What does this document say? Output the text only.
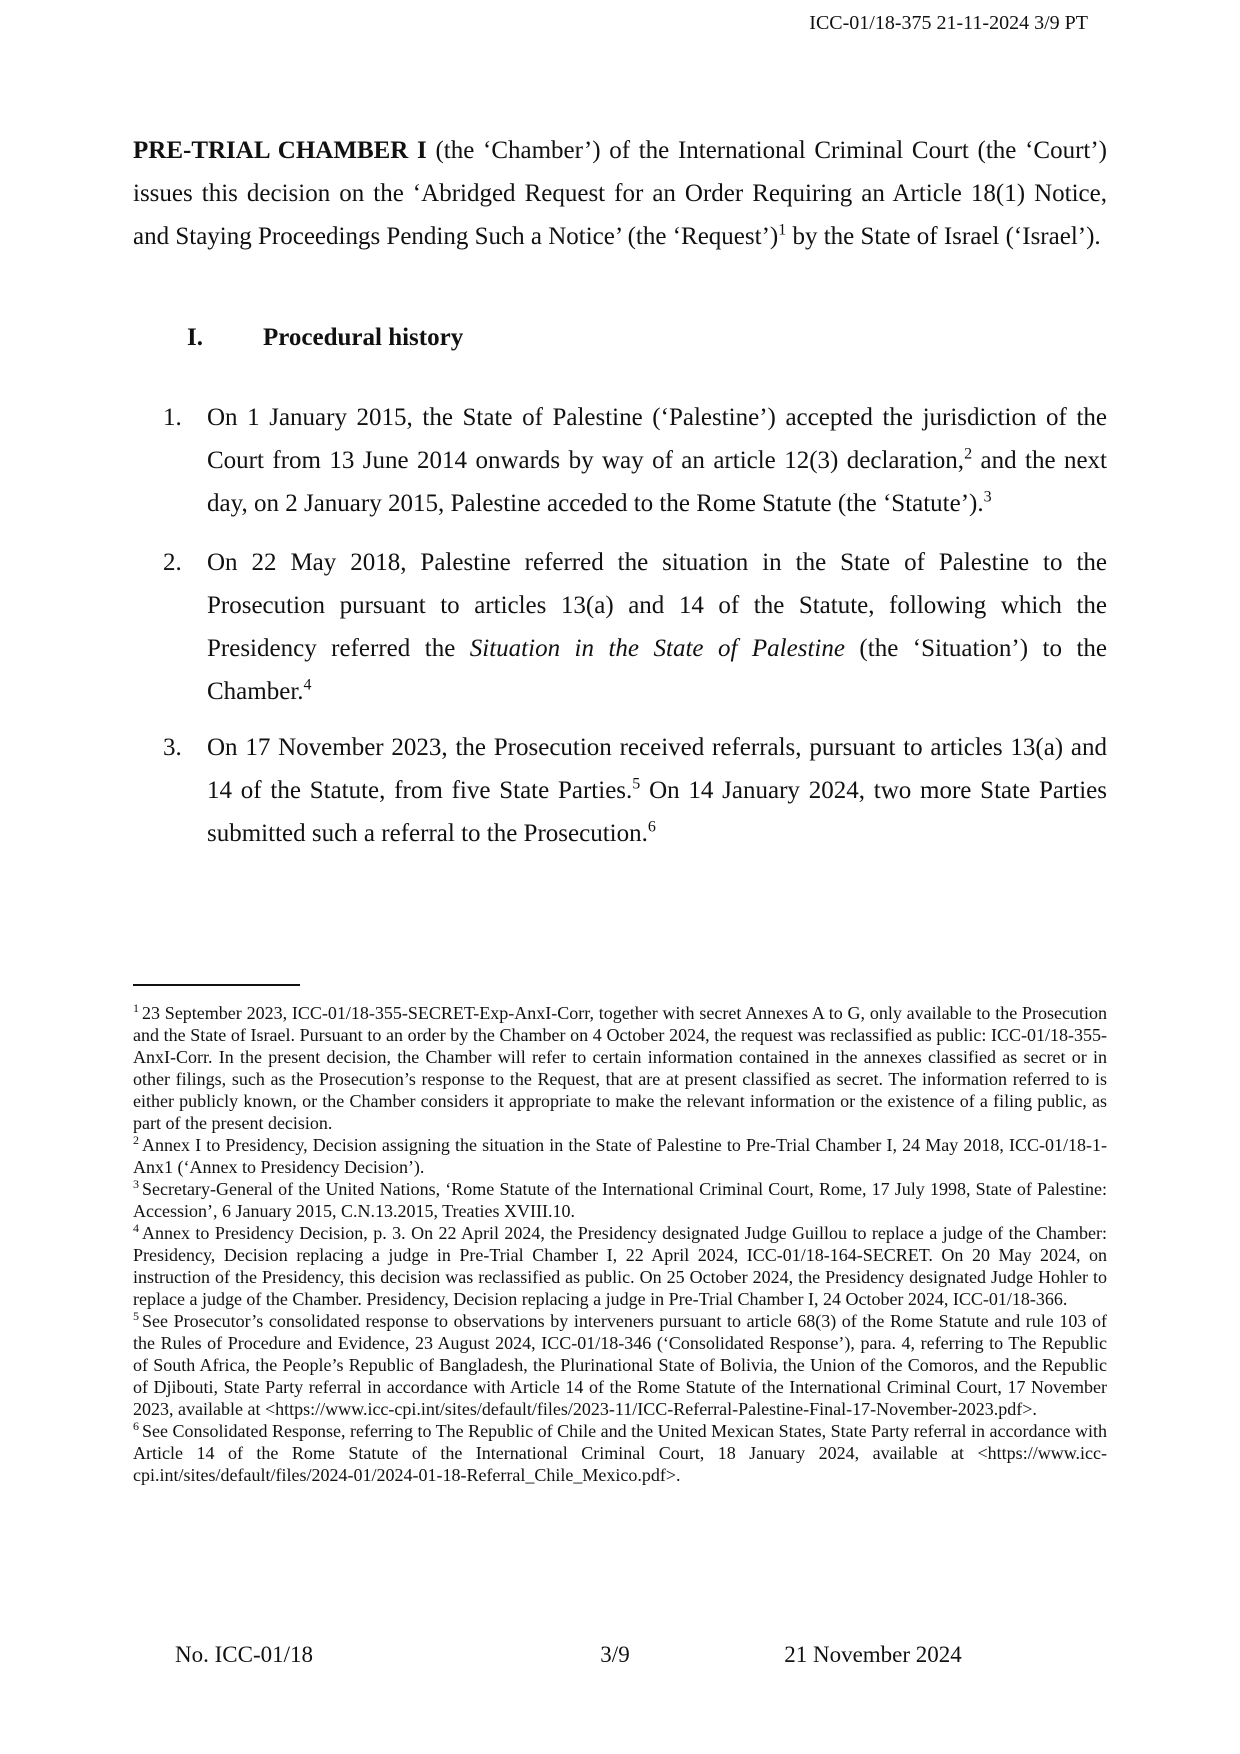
ICC-01/18-375 21-11-2024 3/9 PT

PRE-TRIAL CHAMBER I (the ‘Chamber’) of the International Criminal Court (the ‘Court’) issues this decision on the ‘Abridged Request for an Order Requiring an Article 18(1) Notice, and Staying Proceedings Pending Such a Notice’ (the ‘Request’)$^1$ by the State of Israel (‘Israel’).

I. Procedural history

1. On 1 January 2015, the State of Palestine (‘Palestine’) accepted the jurisdiction of the Court from 13 June 2014 onwards by way of an article 12(3) declaration,$^2$ and the next day, on 2 January 2015, Palestine acceded to the Rome Statute (the ‘Statute’).$^3$

2. On 22 May 2018, Palestine referred the situation in the State of Palestine to the Prosecution pursuant to articles 13(a) and 14 of the Statute, following which the Presidency referred the Situation in the State of Palestine (the ‘Situation’) to the Chamber.$^4$

3. On 17 November 2023, the Prosecution received referrals, pursuant to articles 13(a) and 14 of the Statute, from five State Parties.$^5$ On 14 January 2024, two more State Parties submitted such a referral to the Prosecution.$^6$

$^1$ 23 September 2023, ICC-01/18-355-SECRET-Exp-AnxI-Corr, together with secret Annexes A to G, only available to the Prosecution and the State of Israel. Pursuant to an order by the Chamber on 4 October 2024, the request was reclassified as public: ICC-01/18-355-AnxI-Corr. In the present decision, the Chamber will refer to certain information contained in the annexes classified as secret or in other filings, such as the Prosecution’s response to the Request, that are at present classified as secret. The information referred to is either publicly known, or the Chamber considers it appropriate to make the relevant information or the existence of a filing public, as part of the present decision.

$^2$ Annex I to Presidency, Decision assigning the situation in the State of Palestine to Pre-Trial Chamber I, 24 May 2018, ICC-01/18-1-Anx1 (‘Annex to Presidency Decision’).

$^3$ Secretary-General of the United Nations, ‘Rome Statute of the International Criminal Court, Rome, 17 July 1998, State of Palestine: Accession’, 6 January 2015, C.N.13.2015, Treaties XVIII.10.

$^4$ Annex to Presidency Decision, p. 3. On 22 April 2024, the Presidency designated Judge Guillou to replace a judge of the Chamber: Presidency, Decision replacing a judge in Pre-Trial Chamber I, 22 April 2024, ICC-01/18-164-SECRET. On 20 May 2024, on instruction of the Presidency, this decision was reclassified as public. On 25 October 2024, the Presidency designated Judge Hohler to replace a judge of the Chamber. Presidency, Decision replacing a judge in Pre-Trial Chamber I, 24 October 2024, ICC-01/18-366.

$^5$ See Prosecutor’s consolidated response to observations by interveners pursuant to article 68(3) of the Rome Statute and rule 103 of the Rules of Procedure and Evidence, 23 August 2024, ICC-01/18-346 (‘Consolidated Response’), para. 4, referring to The Republic of South Africa, the People’s Republic of Bangladesh, the Plurinational State of Bolivia, the Union of the Comoros, and the Republic of Djibouti, State Party referral in accordance with Article 14 of the Rome Statute of the International Criminal Court, 17 November 2023, available at <https://www.icc-cpi.int/sites/default/files/2023-11/ICC-Referral-Palestine-Final-17-November-2023.pdf>.

$^6$ See Consolidated Response, referring to The Republic of Chile and the United Mexican States, State Party referral in accordance with Article 14 of the Rome Statute of the International Criminal Court, 18 January 2024, available at <https://www.icc-cpi.int/sites/default/files/2024-01/2024-01-18-Referral_Chile_Mexico.pdf>.

No. ICC-01/18	3/9	21 November 2024
